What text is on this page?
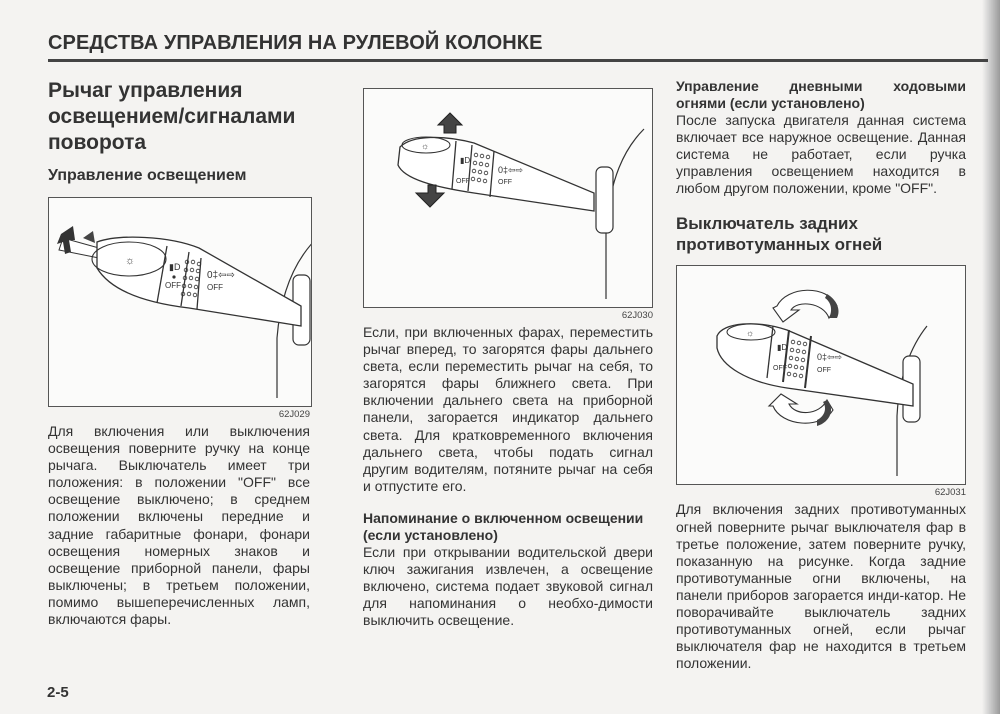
СРЕДСТВА УПРАВЛЕНИЯ НА РУЛЕВОЙ КОЛОНКЕ
Рычаг управления освещением/сигналами поворота
Управление освещением
☼	▮D
OFF
0‡⇦⇨
OFF
62J029

Для включения или выключения освещения поверните ручку на конце рычага. Выключатель имеет три положения: в положении "OFF" все освещение выключено; в среднем положении включены передние и задние габаритные фонари, фонари освещения номерных знаков и освещение приборной панели, фары выключены; в третьем положении, помимо вышеперечисленных ламп, включаются фары.

☼
▮D
OFF
0‡⇦⇨
OFF
62J030

Если, при включенных фарах, переместить рычаг вперед, то загорятся фары дальнего света, если переместить рычаг на себя, то загорятся фары ближнего света. При включении дальнего света на приборной панели, загорается индикатор дальнего света. Для кратковременного включения дальнего света, чтобы подать сигнал другим водителям, потяните рычаг на себя и отпустите его.

Напоминание о включенном освещении (если установлено)

Если при открывании водительской двери ключ зажигания извлечен, а освещение включено, система подает звуковой сигнал для напоминания о необхо-димости выключить освещение.

Управление дневными ходовыми огнями (если установлено)

После запуска двигателя данная система включает все наружное освещение. Данная система не работает, если ручка управления освещением находится в любом другом положении, кроме "OFF".

Выключатель задних противотуманных огней
☼
▮D
OFF
0‡⇦⇨
OFF
62J031

Для включения задних противотуманных огней поверните рычаг выключателя фар в третье положение, затем поверните ручку, показанную на рисунке. Когда задние противотуманные огни включены, на панели приборов загорается инди-катор. Не поворачивайте выключатель задних противотуманных огней, если рычаг выключателя фар не находится в третьем положении.

2-5
